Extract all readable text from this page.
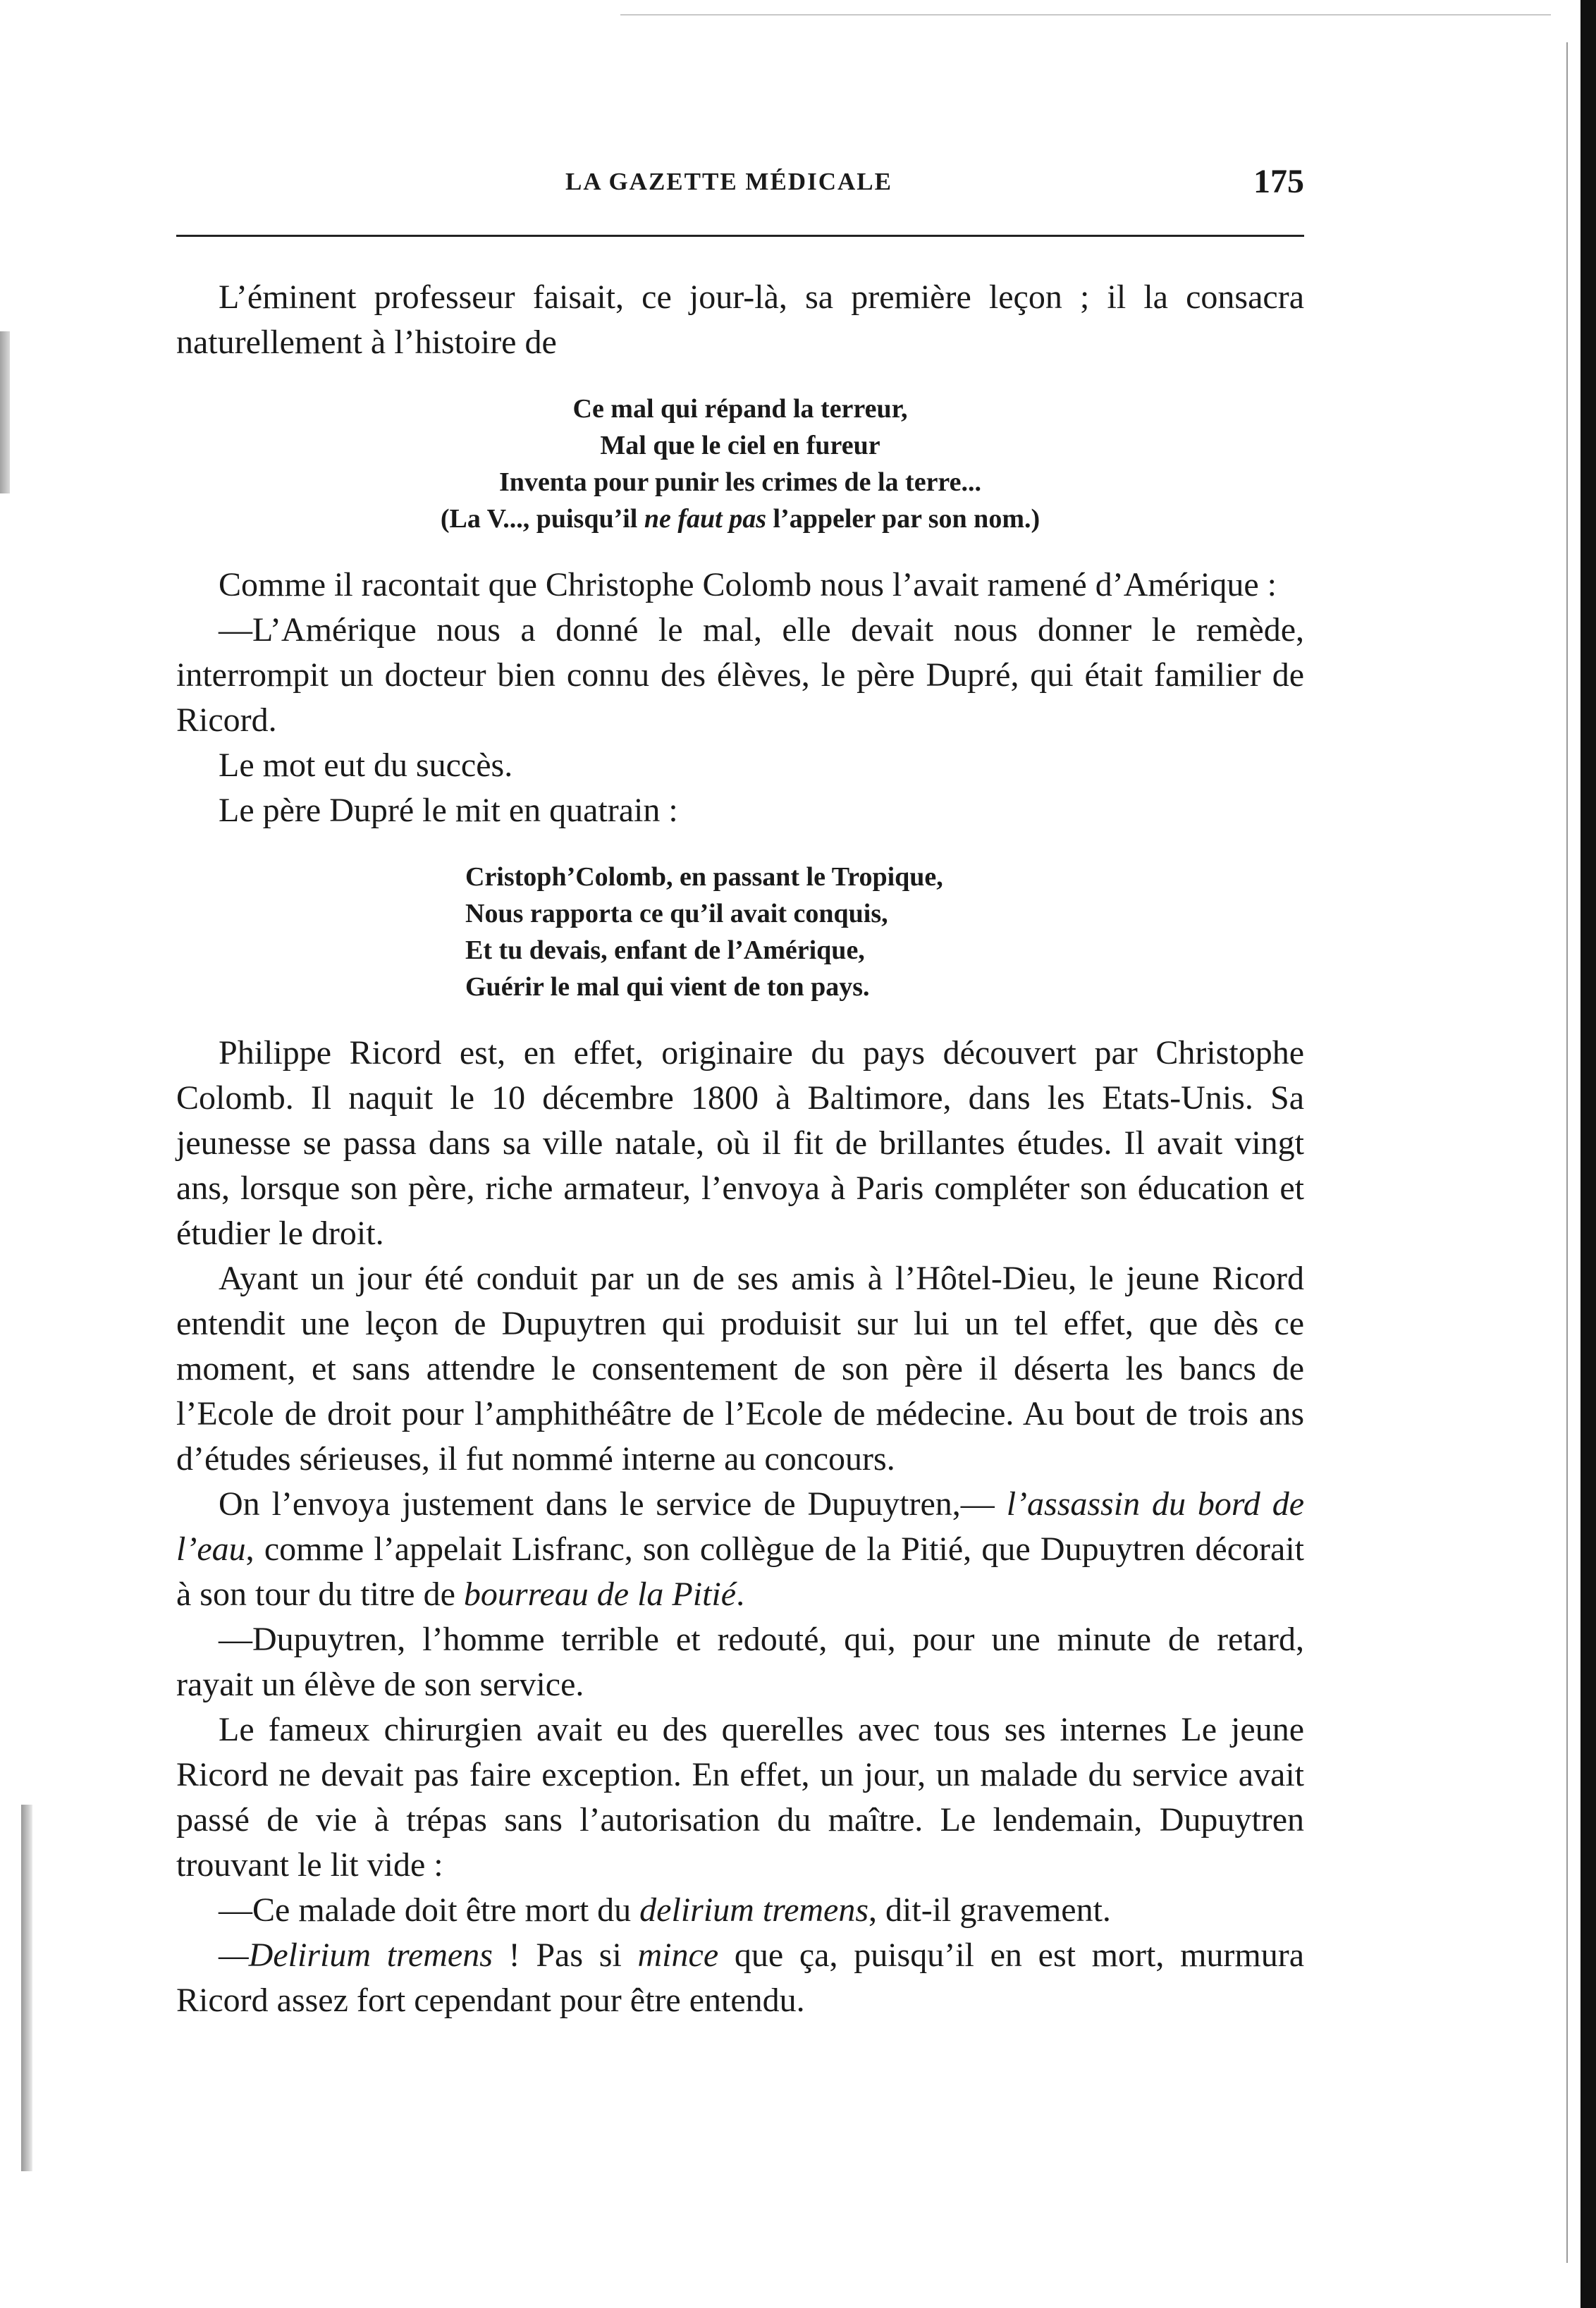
LA GAZETTE MÉDICALE	175

L’éminent professeur faisait, ce jour-là, sa première leçon ; il la consacra naturellement à l’histoire de

Ce mal qui répand la terreur,
Mal que le ciel en fureur
Inventa pour punir les crimes de la terre...
(La V..., puisqu’il ne faut pas l’appeler par son nom.)

Comme il racontait que Christophe Colomb nous l’avait ramené d’Amérique :

—L’Amérique nous a donné le mal, elle devait nous donner le remède, interrompit un docteur bien connu des élèves, le père Dupré, qui était familier de Ricord.

Le mot eut du succès.

Le père Dupré le mit en quatrain :

Cristoph’Colomb, en passant le Tropique,
Nous rapporta ce qu’il avait conquis,
Et tu devais, enfant de l’Amérique,
Guérir le mal qui vient de ton pays.

Philippe Ricord est, en effet, originaire du pays découvert par Christophe Colomb. Il naquit le 10 décembre 1800 à Baltimore, dans les Etats-Unis. Sa jeunesse se passa dans sa ville natale, où il fit de brillantes études. Il avait vingt ans, lorsque son père, riche armateur, l’envoya à Paris compléter son éducation et étudier le droit.

Ayant un jour été conduit par un de ses amis à l’Hôtel-Dieu, le jeune Ricord entendit une leçon de Dupuytren qui produisit sur lui un tel effet, que dès ce moment, et sans attendre le consentement de son père il déserta les bancs de l’Ecole de droit pour l’amphithéâtre de l’Ecole de médecine. Au bout de trois ans d’études sérieuses, il fut nommé interne au concours.

On l’envoya justement dans le service de Dupuytren,— l’assassin du bord de l’eau, comme l’appelait Lisfranc, son collègue de la Pitié, que Dupuytren décorait à son tour du titre de bourreau de la Pitié.

—Dupuytren, l’homme terrible et redouté, qui, pour une minute de retard, rayait un élève de son service.

Le fameux chirurgien avait eu des querelles avec tous ses internes Le jeune Ricord ne devait pas faire exception. En effet, un jour, un malade du service avait passé de vie à trépas sans l’autorisation du maître. Le lendemain, Dupuytren trouvant le lit vide :

—Ce malade doit être mort du delirium tremens, dit-il gravement.

—Delirium tremens ! Pas si mince que ça, puisqu’il en est mort, murmura Ricord assez fort cependant pour être entendu.
